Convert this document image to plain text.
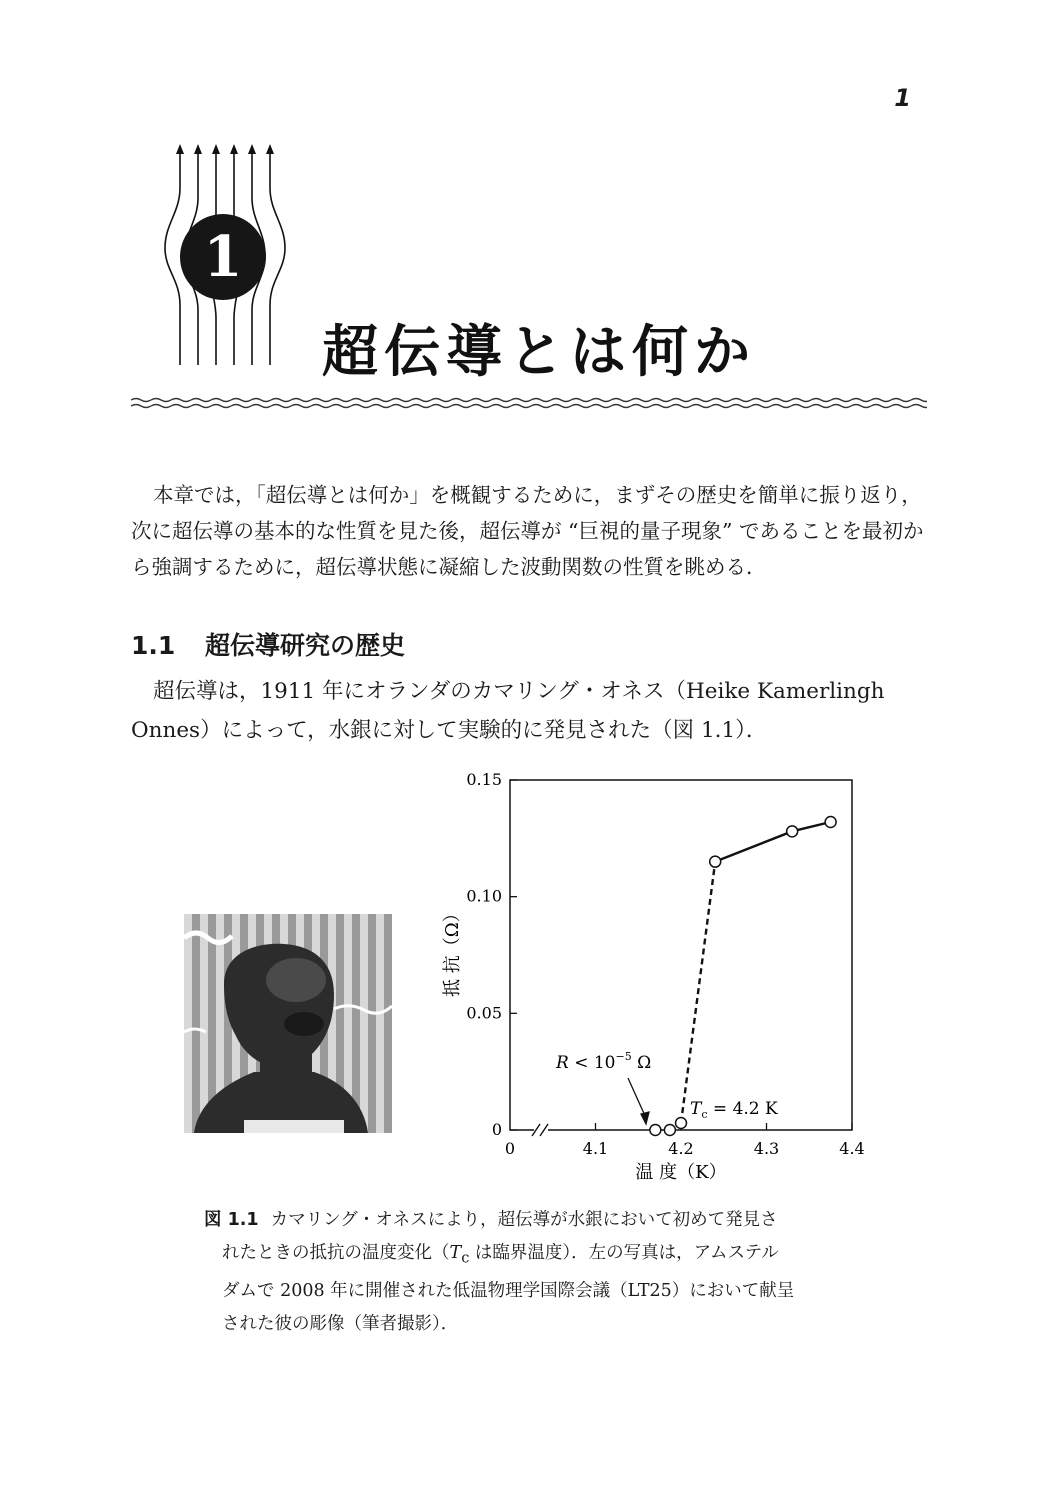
1
1
超伝導とは何か
本章では，「超伝導とは何か」を概観するために，まずその歴史を簡単に振り返り，次に超伝導の基本的な性質を見た後，超伝導が “巨視的量子現象” であることを最初から強調するために，超伝導状態に凝縮した波動関数の性質を眺める．
1.1 超伝導研究の歴史
超伝導は，1911 年にオランダのカマリング・オネス（Heike Kamerlingh Onnes）によって，水銀に対して実験的に発見された（図 1.1）．
0	4.1	4.2	4.3	4.4
0.15
0.10
0.05
0
抵 抗（Ω）
温 度（K）
$R < 10^{-5}$ Ω
$T_c = 4.2$ K
図 1.1 カマリング・オネスにより，超伝導が水銀において初めて発見さ
れたときの抵抗の温度変化（$T_c$ は臨界温度）．左の写真は，アムステル
ダムで 2008 年に開催された低温物理学国際会議（LT25）において献呈
された彼の彫像（筆者撮影）．
